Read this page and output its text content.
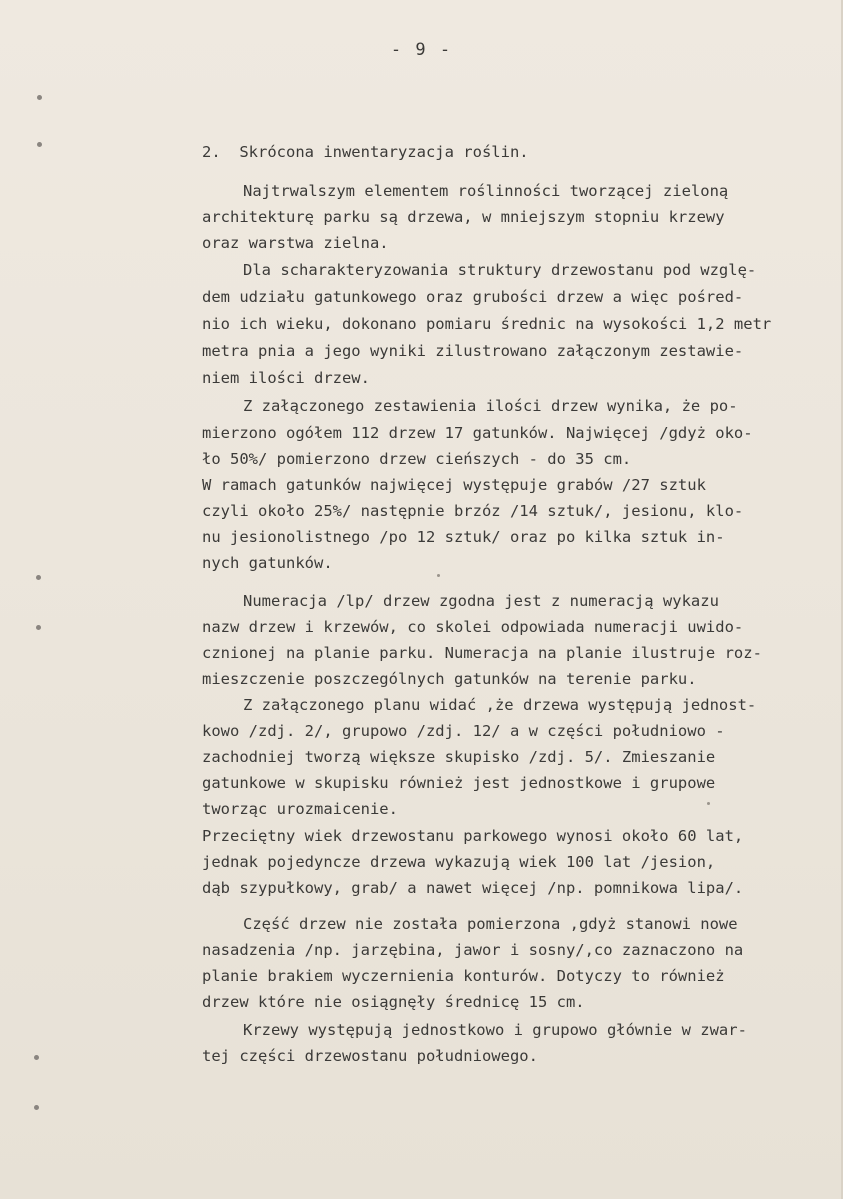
- 9 -
2.  Skrócona inwentaryzacja roślin.
Najtrwalszym elementem roślinności tworzącej zieloną
architekturę parku są drzewa, w mniejszym stopniu krzewy
oraz warstwa zielna.
Dla scharakteryzowania struktury drzewostanu pod wzglę-
dem udziału gatunkowego oraz grubości drzew a więc pośred-
nio ich wieku, dokonano pomiaru średnic na wysokości 1,2 metr
metra pnia a jego wyniki zilustrowano załączonym zestawie-
niem ilości drzew.
Z załączonego zestawienia ilości drzew wynika, że po-
mierzono ogółem 112 drzew 17 gatunków. Najwięcej /gdyż oko-
ło 50%/ pomierzono drzew cieńszych - do 35 cm.
W ramach gatunków najwięcej występuje grabów /27 sztuk
czyli około 25%/ następnie brzóz /14 sztuk/, jesionu, klo-
nu jesionolistnego /po 12 sztuk/ oraz po kilka sztuk in-
nych gatunków.
Numeracja /lp/ drzew zgodna jest z numeracją wykazu
nazw drzew i krzewów, co skolei odpowiada numeracji uwido-
cznionej na planie parku. Numeracja na planie ilustruje roz-
mieszczenie poszczególnych gatunków na terenie parku.
Z załączonego planu widać ,że drzewa występują jednost-
kowo /zdj. 2/, grupowo /zdj. 12/ a w części południowo -
zachodniej tworzą większe skupisko /zdj. 5/. Zmieszanie
gatunkowe w skupisku również jest jednostkowe i grupowe
tworząc urozmaicenie.
Przeciętny wiek drzewostanu parkowego wynosi około 60 lat,
jednak pojedyncze drzewa wykazują wiek 100 lat /jesion,
dąb szypułkowy, grab/ a nawet więcej /np. pomnikowa lipa/.
Część drzew nie została pomierzona ,gdyż stanowi nowe
nasadzenia /np. jarzębina, jawor i sosny/,co zaznaczono na
planie brakiem wyczernienia konturów. Dotyczy to również
drzew które nie osiągnęły średnicę 15 cm.
Krzewy występują jednostkowo i grupowo głównie w zwar-
tej części drzewostanu południowego.
